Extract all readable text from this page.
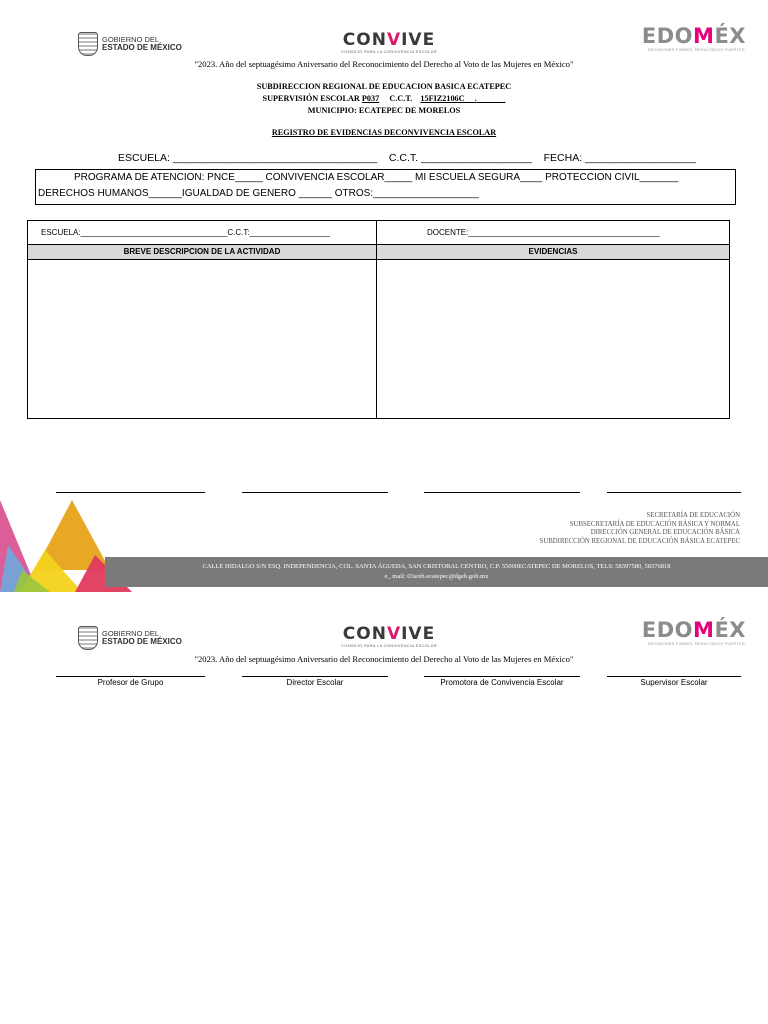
GOBIERNO DEL
ESTADO DE MÉXICO	CONVIVE
CONSEJO PARA LA CONVIVENCIA ESCOLAR
EDOMÉX
DECISIONES FIRMES, RESULTADOS FUERTES.
"2023. Año del septuagésimo Aniversario del Reconocimiento del Derecho al Voto de las Mujeres en México"
SUBDIRECCION REGIONAL DE EDUCACION BASICA ECATEPEC
SUPERVISIÓN ESCOLAR P037 C.C.T. 15FIZ2106C .
MUNICIPIO: ECATEPEC DE MORELOS
REGISTRO DE EVIDENCIAS DECONVIVENCIA ESCOLAR
ESCUELA: ___________________________________ C.C.T. ___________________ FECHA: ___________________
PROGRAMA DE ATENCION: PNCE_____ CONVIVENCIA ESCOLAR_____ MI ESCUELA SEGURA____ PROTECCION CIVIL_______
DERECHOS HUMANOS______IGUALDAD DE GENERO ______ OTROS:___________________
ESCUELA:_________________________________C.C.T:__________________	DOCENTE:___________________________________________
BREVE DESCRIPCION DE LA ACTIVIDAD	EVIDENCIAS
SECRETARÍA DE EDUCACIÓN
SUBSECRETARÍA DE EDUCACIÓN BÁSICA Y NORMAL
DIRECCIÓN GENERAL DE EDUCACIÓN BÁSICA
SUBDIRECCIÓN REGIONAL DE EDUCACIÓN BÁSICA ECATEPEC
CALLE HIDALGO S/N ESQ. INDEPENDENCIA, COL. SANTA ÁGUEDA, SAN CRISTOBAL CENTRO, C.P. 55000ECATEPEC DE MORELOS, TELS: 58397580, 58376818
e_ mail: 03sreb.ecatepec@dgeb.gob.mx
GOBIERNO DEL
ESTADO DE MÉXICO	CONVIVE
CONSEJO PARA LA CONVIVENCIA ESCOLAR
EDOMÉX
DECISIONES FIRMES, RESULTADOS FUERTES.
"2023. Año del septuagésimo Aniversario del Reconocimiento del Derecho al Voto de las Mujeres en México"
Profesor de Grupo	Director Escolar	Promotora de Convivencia Escolar	Supervisor Escolar
